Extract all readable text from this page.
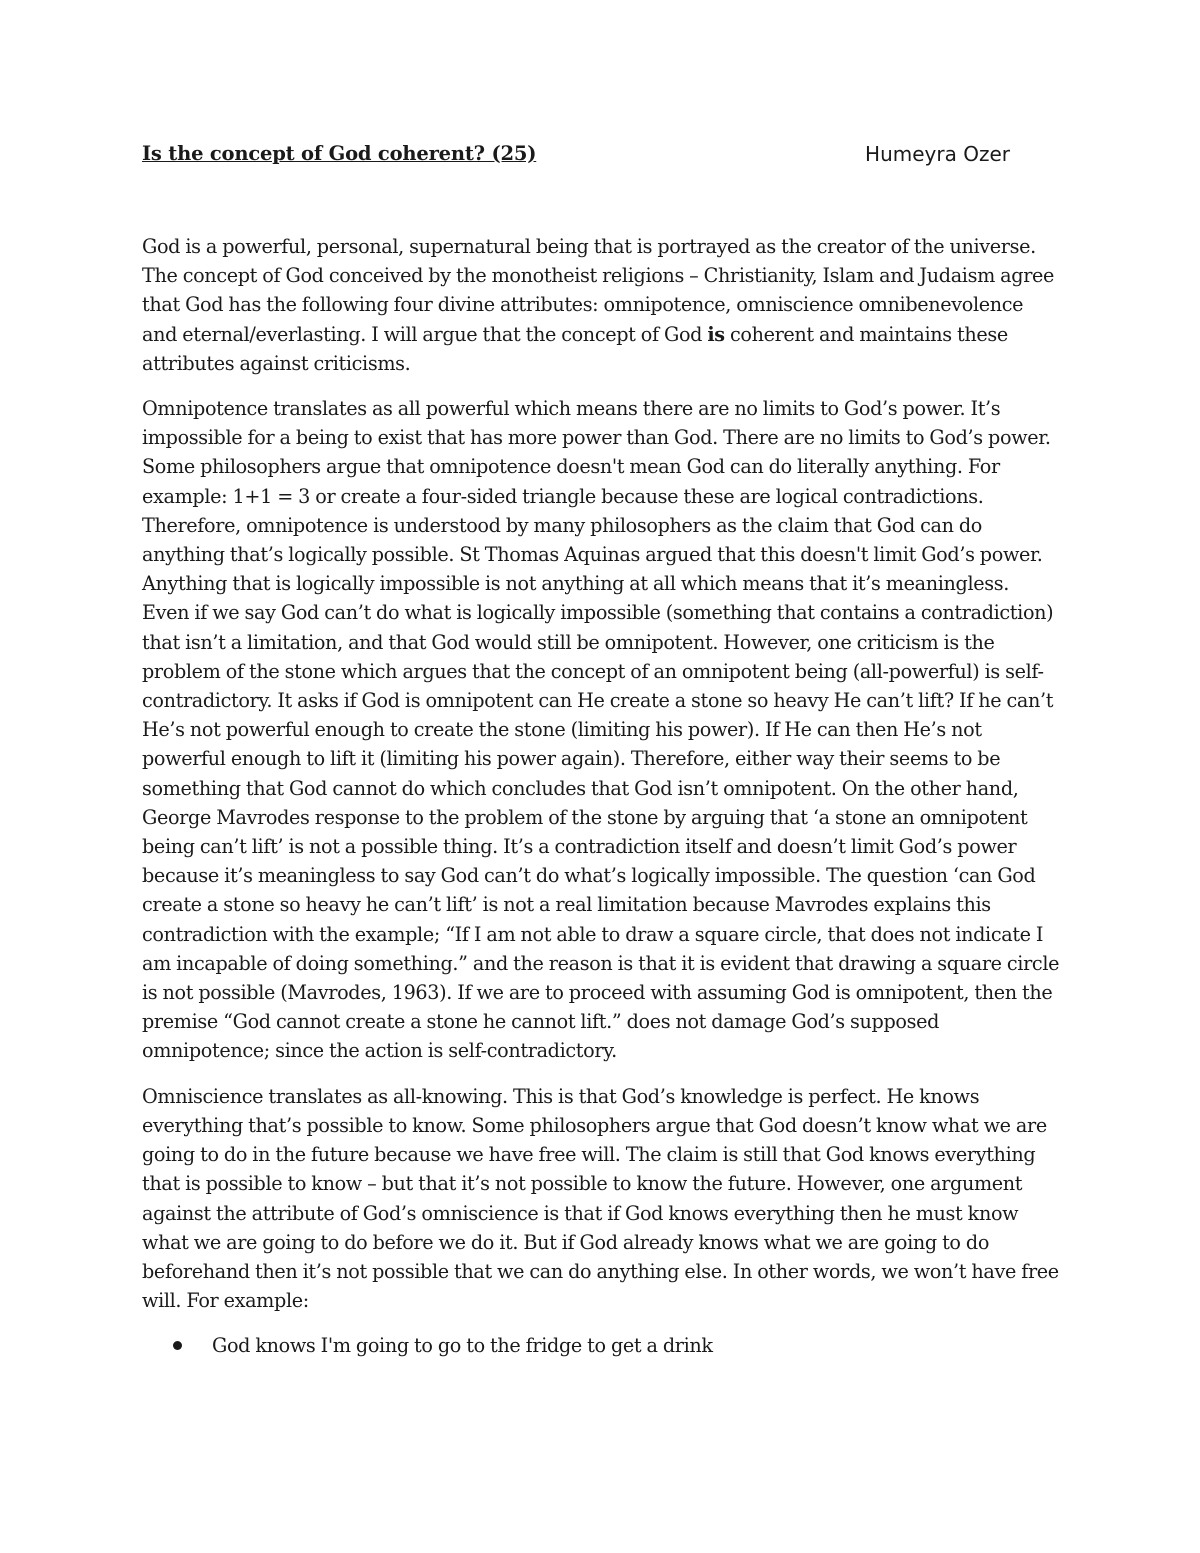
Is the concept of God coherent? (25)	Humeyra Ozer

God is a powerful, personal, supernatural being that is portrayed as the creator of the universe. The concept of God conceived by the monotheist religions – Christianity, Islam and Judaism agree that God has the following four divine attributes: omnipotence, omniscience omnibenevolence and eternal/everlasting. I will argue that the concept of God is coherent and maintains these attributes against criticisms.

Omnipotence translates as all powerful which means there are no limits to God’s power. It’s impossible for a being to exist that has more power than God. There are no limits to God’s power. Some philosophers argue that omnipotence doesn't mean God can do literally anything. For example: 1+1 = 3 or create a four-sided triangle because these are logical contradictions. Therefore, omnipotence is understood by many philosophers as the claim that God can do anything that’s logically possible. St Thomas Aquinas argued that this doesn't limit God’s power. Anything that is logically impossible is not anything at all which means that it’s meaningless. Even if we say God can’t do what is logically impossible (something that contains a contradiction) that isn’t a limitation, and that God would still be omnipotent. However, one criticism is the problem of the stone which argues that the concept of an omnipotent being (all-powerful) is self-contradictory. It asks if God is omnipotent can He create a stone so heavy He can’t lift? If he can’t He’s not powerful enough to create the stone (limiting his power). If He can then He’s not powerful enough to lift it (limiting his power again). Therefore, either way their seems to be something that God cannot do which concludes that God isn’t omnipotent. On the other hand, George Mavrodes response to the problem of the stone by arguing that ‘a stone an omnipotent being can’t lift’ is not a possible thing. It’s a contradiction itself and doesn’t limit God’s power because it’s meaningless to say God can’t do what’s logically impossible. The question ‘can God create a stone so heavy he can’t lift’ is not a real limitation because Mavrodes explains this contradiction with the example; “If I am not able to draw a square circle, that does not indicate I am incapable of doing something.” and the reason is that it is evident that drawing a square circle is not possible (Mavrodes, 1963). If we are to proceed with assuming God is omnipotent, then the premise “God cannot create a stone he cannot lift.” does not damage God’s supposed omnipotence; since the action is self-contradictory.

Omniscience translates as all-knowing. This is that God’s knowledge is perfect. He knows everything that’s possible to know. Some philosophers argue that God doesn’t know what we are going to do in the future because we have free will. The claim is still that God knows everything that is possible to know – but that it’s not possible to know the future. However, one argument against the attribute of God’s omniscience is that if God knows everything then he must know what we are going to do before we do it. But if God already knows what we are going to do beforehand then it’s not possible that we can do anything else. In other words, we won’t have free will. For example:

God knows I'm going to go to the fridge to get a drink
